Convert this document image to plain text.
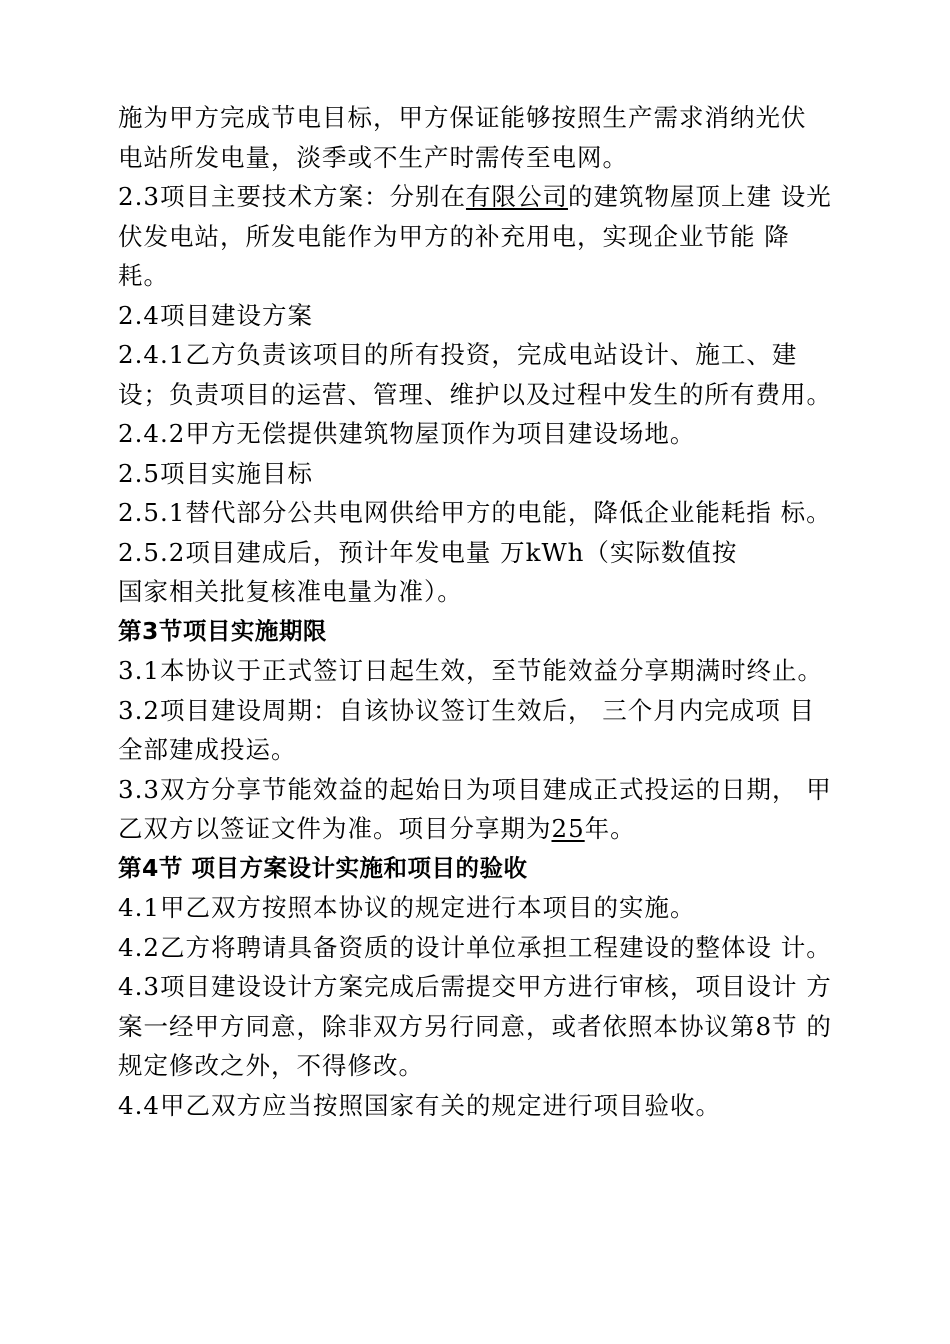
施为甲方完成节电目标，甲方保证能够按照生产需求消纳光伏
电站所发电量，淡季或不生产时需传至电网。
2.3项目主要技术方案：分别在有限公司的建筑物屋顶上建 设光
伏发电站，所发电能作为甲方的补充用电，实现企业节能 降
耗。
2.4项目建设方案
2.4.1乙方负责该项目的所有投资，完成电站设计、施工、建
设；负责项目的运营、管理、维护以及过程中发生的所有费用。
2.4.2甲方无偿提供建筑物屋顶作为项目建设场地。
2.5项目实施目标
2.5.1替代部分公共电网供给甲方的电能，降低企业能耗指 标。
2.5.2项目建成后，预计年发电量 万kWh（实际数值按
国家相关批复核准电量为准）。
第3节项目实施期限
3.1本协议于正式签订日起生效，至节能效益分享期满时终止。
3.2项目建设周期：自该协议签订生效后， 三个月内完成项 目
全部建成投运。
3.3双方分享节能效益的起始日为项目建成正式投运的日期， 甲
乙双方以签证文件为准。项目分享期为25年。
第4节 项目方案设计实施和项目的验收
4.1甲乙双方按照本协议的规定进行本项目的实施。
4.2乙方将聘请具备资质的设计单位承担工程建设的整体设 计。
4.3项目建设设计方案完成后需提交甲方进行审核，项目设计 方
案一经甲方同意，除非双方另行同意，或者依照本协议第8节 的
规定修改之外，不得修改。
4.4甲乙双方应当按照国家有关的规定进行项目验收。
